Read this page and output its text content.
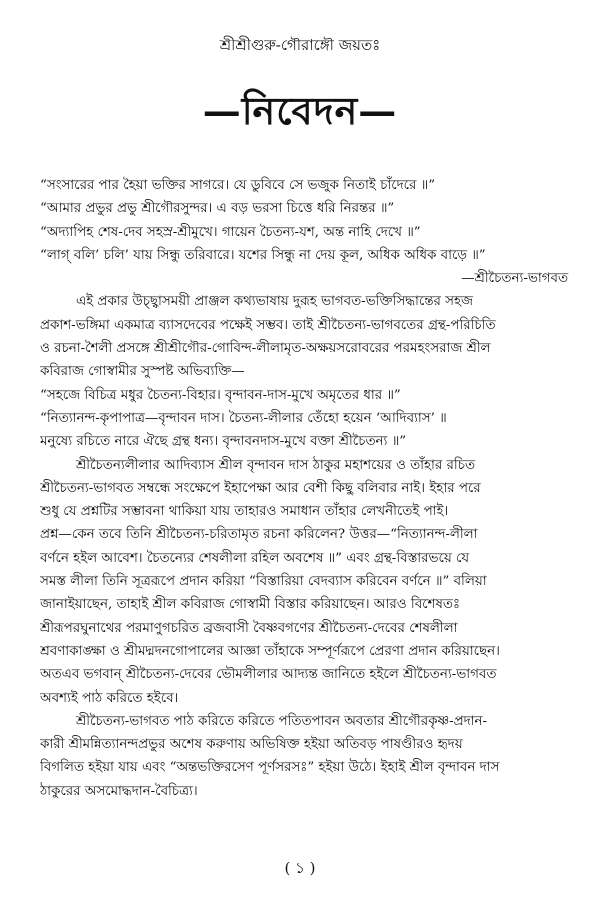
শ্রীশ্রীগুরু-গৌরাঙ্গৌ জয়তঃ
—নিবেদন—
“সংসারের পার হৈয়া ভক্তির সাগরে। যে ডুবিবে সে ভজুক নিতাই চাঁদেরে ॥”
“আমার প্রভুর প্রভু শ্রীগৌরসুন্দর। এ বড় ভরসা চিত্তে ধরি নিরন্তর ॥”
“অদ্যাপিহ শেষ-দেব সহস্র-শ্রীমুখে। গায়েন চৈতন্য-যশ, অন্ত নাহি দেখে ॥”
“লাগ্‌ বলি’ চলি’ যায় সিন্ধু তরিবারে। যশের সিন্ধু না দেয় কূল, অধিক অধিক বাড়ে ॥”
—শ্রীচৈতন্য-ভাগবত
এই প্রকার উচ্ছ্বাসময়ী প্রাঞ্জল কথ্যভাষায় দুরূহ ভাগবত-ভক্তিসিদ্ধান্তের সহজ
প্রকাশ-ভঙ্গিমা একমাত্র ব্যাসদেবের পক্ষেই সম্ভব। তাই শ্রীচৈতন্য-ভাগবতের গ্রন্থ-পরিচিতি
ও রচনা-শৈলী প্রসঙ্গে শ্রীশ্রীগৌর-গোবিন্দ-লীলামৃত-অক্ষয়সরোবরের পরমহংসরাজ শ্রীল
কবিরাজ গোস্বামীর সুস্পষ্ট অভিব্যক্তি—
“সহজে বিচিত্র মধুর চৈতন্য-বিহার। বৃন্দাবন-দাস-মুখে অমৃতের ধার ॥”
“নিত্যানন্দ-কৃপাপাত্র—বৃন্দাবন দাস। চৈতন্য-লীলার তেঁহো হয়েন ‘আদিব্যাস’ ॥
মনুষ্যে রচিতে নারে ঐছে গ্রন্থ ধন্য। বৃন্দাবনদাস-মুখে বক্তা শ্রীচৈতন্য ॥”
শ্রীচৈতন্যলীলার আদিব্যাস শ্রীল বৃন্দাবন দাস ঠাকুর মহাশয়ের ও তাঁহার রচিত
শ্রীচৈতন্য-ভাগবত সম্বন্ধে সংক্ষেপে ইহাপেক্ষা আর বেশী কিছু বলিবার নাই। ইহার পরে
শুধু যে প্রশ্নটির সম্ভাবনা থাকিয়া যায় তাহারও সমাধান তাঁহার লেখনীতেই পাই।
প্রশ্ন—কেন তবে তিনি শ্রীচৈতন্য-চরিতামৃত রচনা করিলেন? উত্তর—“নিত্যানন্দ-লীলা
বর্ণনে হইল আবেশ। চৈতন্যের শেষলীলা রহিল অবশেষ ॥” এবং গ্রন্থ-বিস্তারভয়ে যে
সমস্ত লীলা তিনি সূত্ররূপে প্রদান করিয়া “বিস্তারিয়া বেদব্যাস করিবেন বর্ণনে ॥” বলিয়া
জানাইয়াছেন, তাহাই শ্রীল কবিরাজ গোস্বামী বিস্তার করিয়াছেন। আরও বিশেষতঃ
শ্রীরূপরঘুনাথের পরমাণুগচরিত ব্রজবাসী বৈষ্ণবগণের শ্রীচৈতন্য-দেবের শেষলীলা
শ্রবণাকাঙ্ক্ষা ও শ্রীমদ্মদনগোপালের আজ্ঞা তাঁহাকে সম্পূর্ণরূপে প্রেরণা প্রদান করিয়াছেন।
অতএব ভগবান্‌ শ্রীচৈতন্য-দেবের ভৌমলীলার আদ্যন্ত জানিতে হইলে শ্রীচৈতন্য-ভাগবত
অবশ্যই পাঠ করিতে হইবে।
শ্রীচৈতন্য-ভাগবত পাঠ করিতে করিতে পতিতপাবন অবতার শ্রীগৌরকৃষ্ণ-প্রদান-
কারী শ্রীমন্নিত্যানন্দপ্রভুর অশেষ করুণায় অভিষিক্ত হইয়া অতিবড় পাষণ্ডীরও হৃদয়
বিগলিত হইয়া যায় এবং “অন্তভক্তিরসেণ পূর্ণসরসঃ” হইয়া উঠে। ইহাই শ্রীল বৃন্দাবন দাস
ঠাকুরের অসমোদ্ধদান-বৈচিত্র্য।
( ১ )
